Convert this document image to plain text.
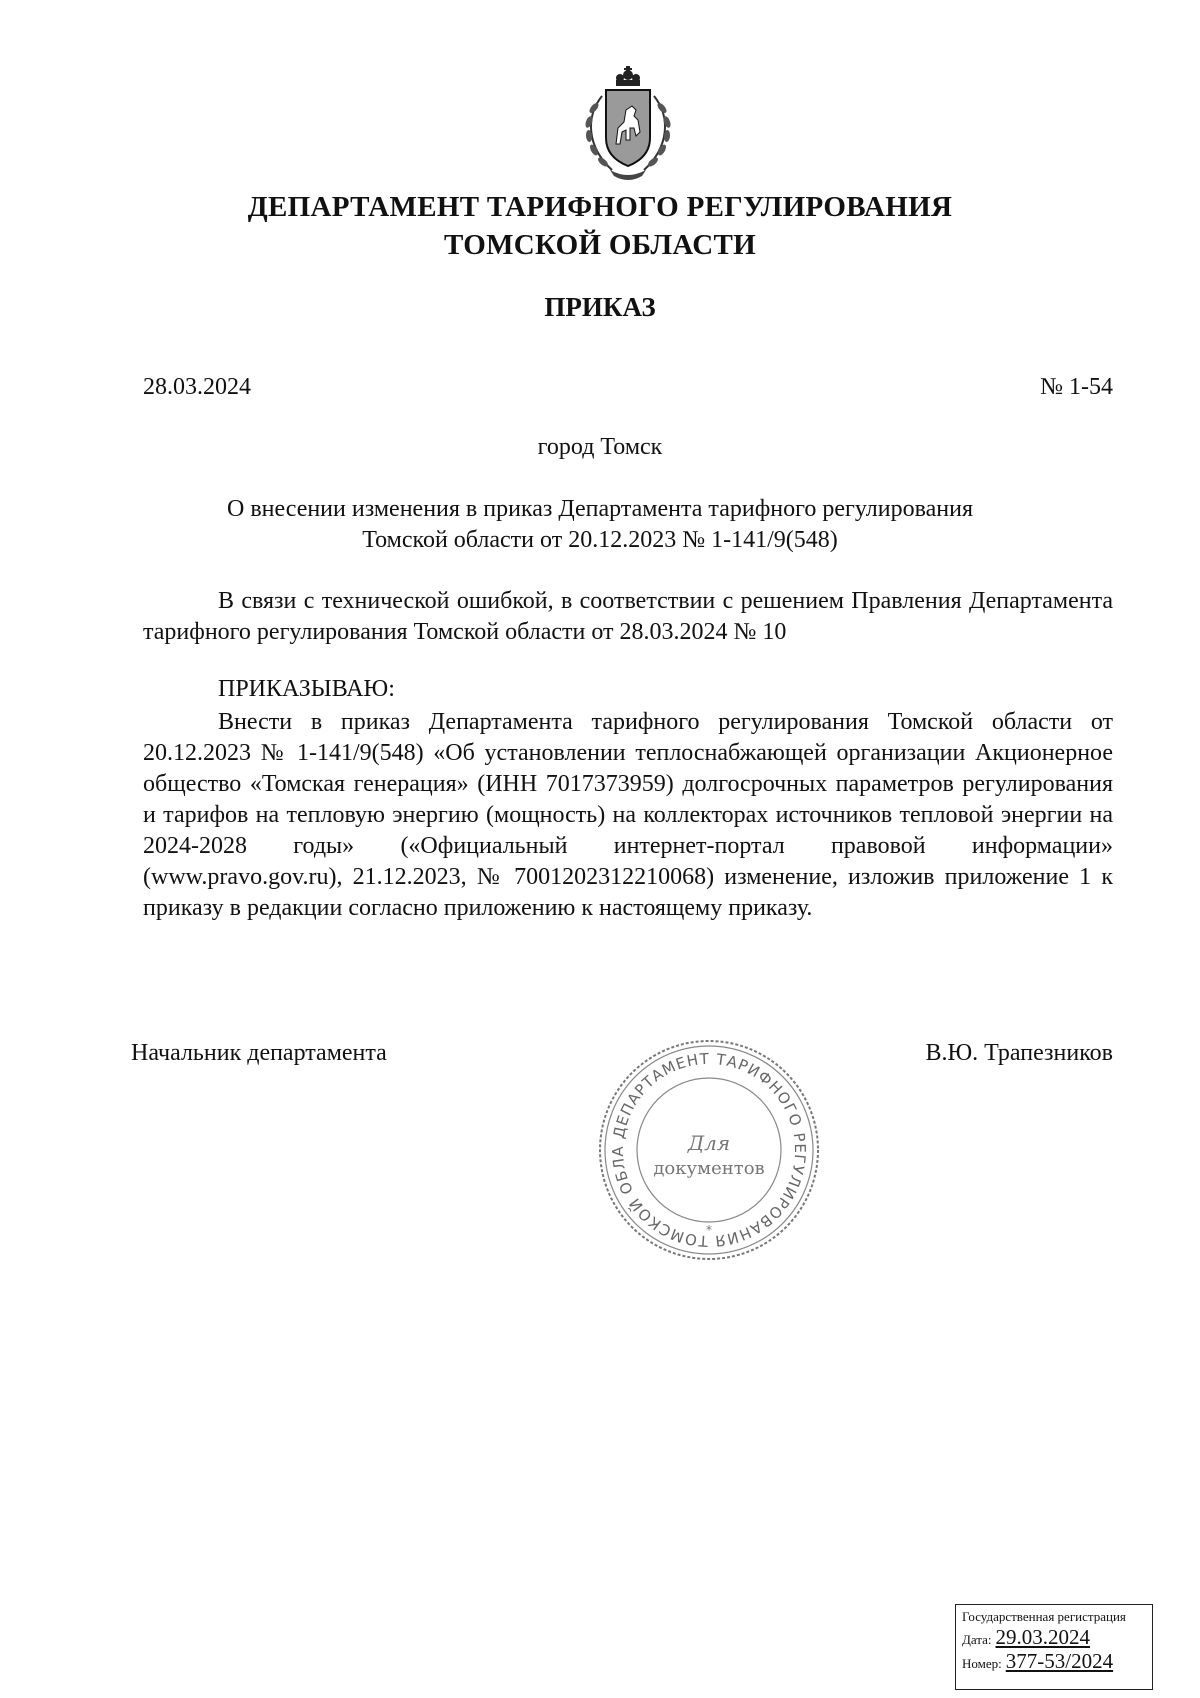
ДЕПАРТАМЕНТ ТАРИФНОГО РЕГУЛИРОВАНИЯ
ТОМСКОЙ ОБЛАСТИ
ПРИКАЗ
28.03.2024	№ 1-54
город Томск
О внесении изменения в приказ Департамента тарифного регулирования
Томской области от 20.12.2023 № 1-141/9(548)
В связи с технической ошибкой, в соответствии с решением Правления Департамента тарифного регулирования Томской области от 28.03.2024 № 10
ПРИКАЗЫВАЮ:
Внести в приказ Департамента тарифного регулирования Томской области от 20.12.2023 № 1-141/9(548) «Об установлении теплоснабжающей организации Акционерное общество «Томская генерация» (ИНН 7017373959) долгосрочных параметров регулирования и тарифов на тепловую энергию (мощность) на коллекторах источников тепловой энергии на 2024-2028 годы» («Официальный интернет-портал правовой информации» (www.pravo.gov.ru), 21.12.2023, № 7001202312210068) изменение, изложив приложение 1 к приказу в редакции согласно приложению к настоящему приказу.
Начальник департамента	В.Ю. Трапезников
ДЕПАРТАМЕНТ ТАРИФНОГО РЕГУЛИРОВАНИЯ ТОМСКОЙ ОБЛА	Для
документов
*
Государственная регистрация
Дата: 29.03.2024
Номер: 377-53/2024
